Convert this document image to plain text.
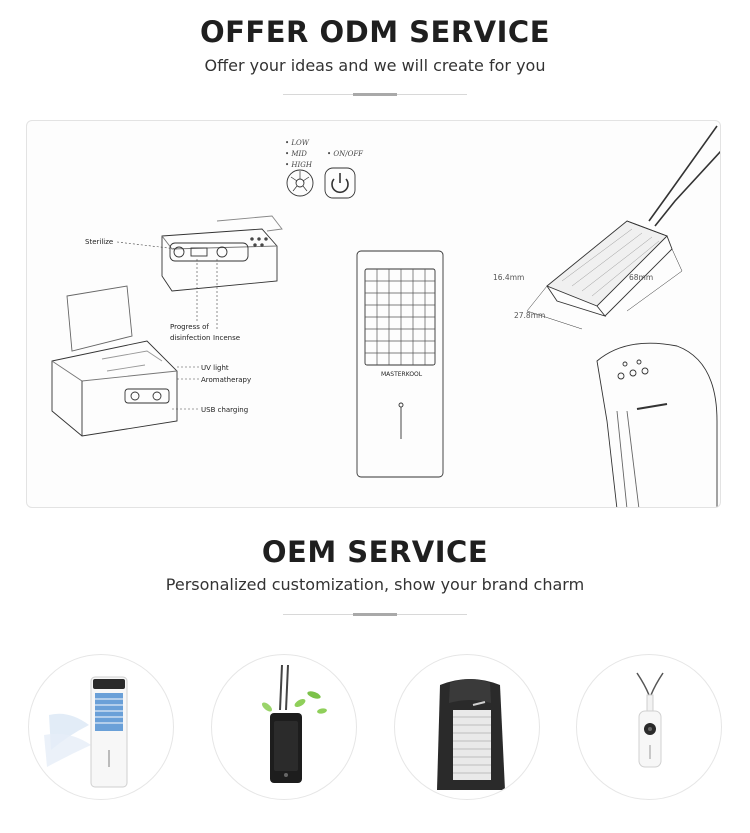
OFFER ODM SERVICE
Offer your ideas and we will create for you
Sterilize
Progress of
disinfection Incense
UV light
Aromatherapy
USB charging
• LOW
• MID
• HIGH
• ON/OFF
MASTERKOOL
16.4mm	68mm
27.8mm
OEM SERVICE
Personalized customization, show your brand charm
